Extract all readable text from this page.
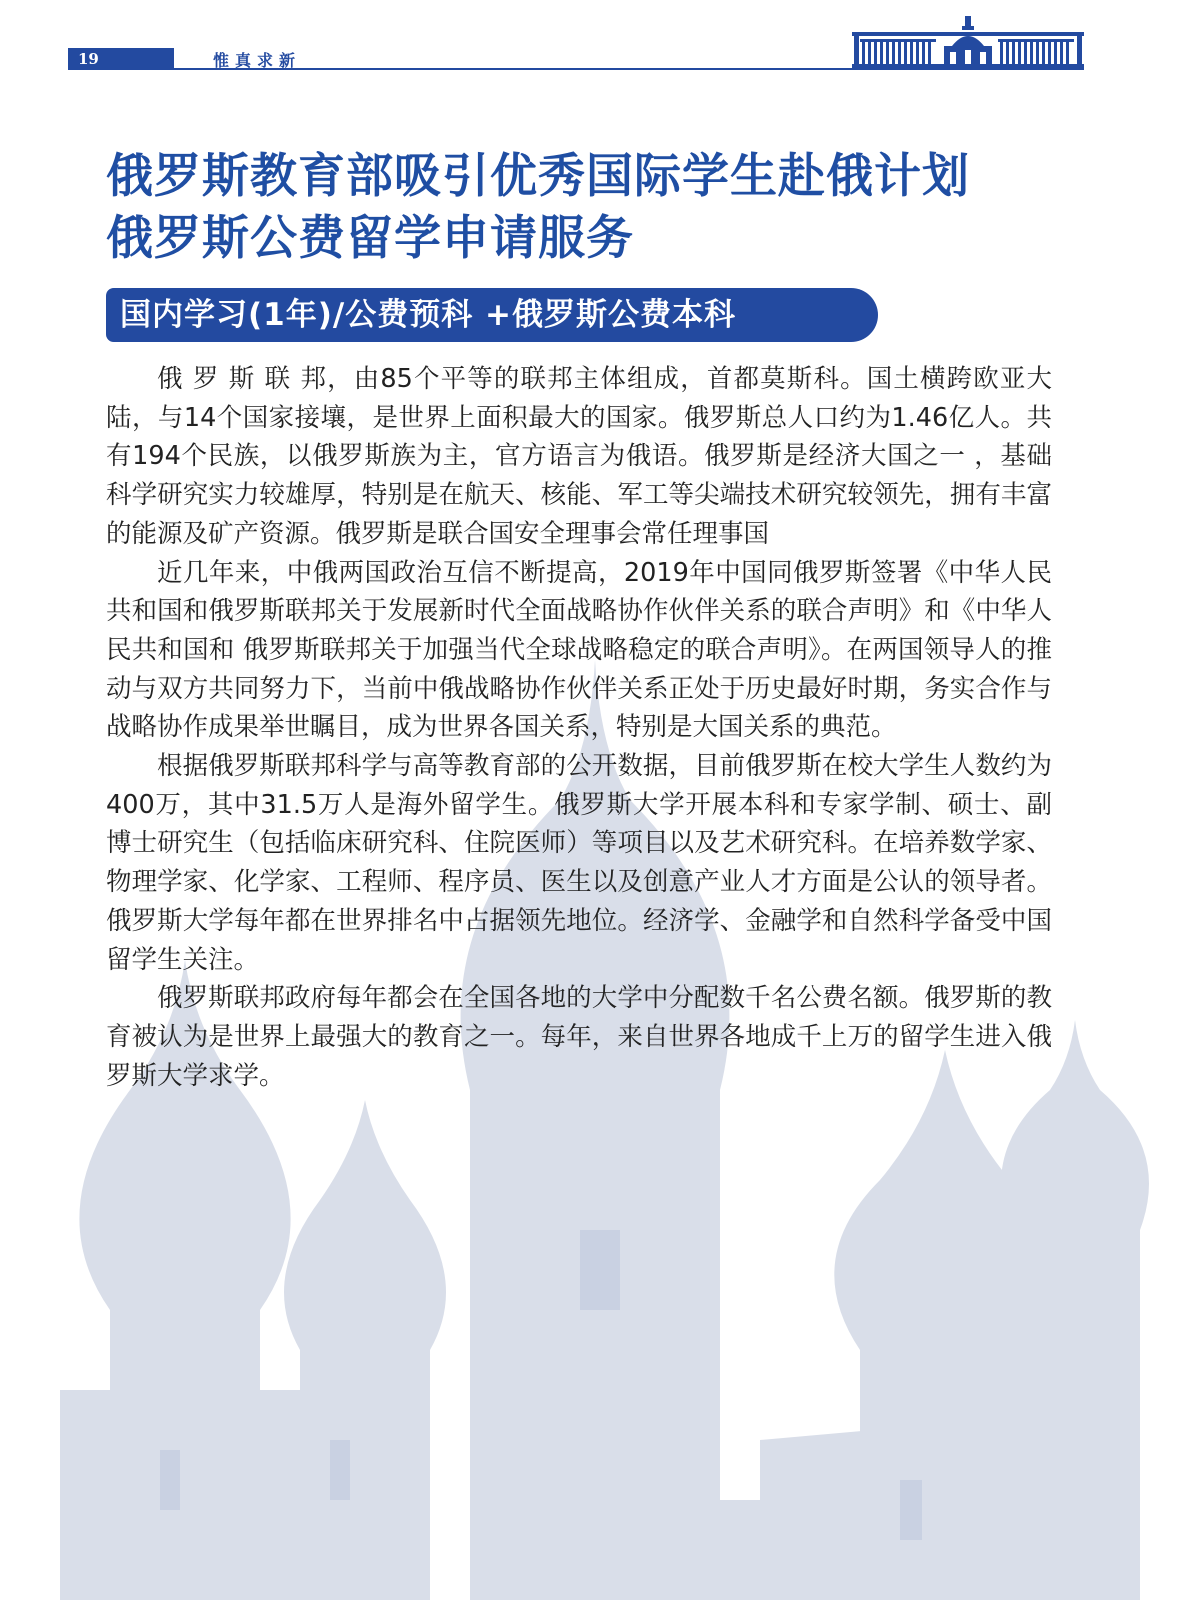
19	惟真求新
俄罗斯教育部吸引优秀国际学生赴俄计划
俄罗斯公费留学申请服务
国内学习(1年)/公费预科 +俄罗斯公费本科

俄 罗 斯 联 邦，由85个平等的联邦主体组成，首都莫斯科。国土横跨欧亚大陆，与14个国家接壤，是世界上面积最大的国家。俄罗斯总人口约为1.46亿人。共有194个民族，以俄罗斯族为主，官方语言为俄语。俄罗斯是经济大国之一 ，基础科学研究实力较雄厚，特别是在航天、核能、军工等尖端技术研究较领先，拥有丰富的能源及矿产资源。俄罗斯是联合国安全理事会常任理事国

近几年来，中俄两国政治互信不断提高，2019年中国同俄罗斯签署《中华人民共和国和俄罗斯联邦关于发展新时代全面战略协作伙伴关系的联合声明》和《中华人民共和国和 俄罗斯联邦关于加强当代全球战略稳定的联合声明》。在两国领导人的推动与双方共同努力下，当前中俄战略协作伙伴关系正处于历史最好时期，务实合作与战略协作成果举世瞩目，成为世界各国关系，特别是大国关系的典范。

根据俄罗斯联邦科学与高等教育部的公开数据，目前俄罗斯在校大学生人数约为400万，其中31.5万人是海外留学生。俄罗斯大学开展本科和专家学制、硕士、副博士研究生（包括临床研究科、住院医师）等项目以及艺术研究科。在培养数学家、物理学家、化学家、工程师、程序员、医生以及创意产业人才方面是公认的领导者。俄罗斯大学每年都在世界排名中占据领先地位。经济学、金融学和自然科学备受中国留学生关注。

俄罗斯联邦政府每年都会在全国各地的大学中分配数千名公费名额。俄罗斯的教育被认为是世界上最强大的教育之一。每年，来自世界各地成千上万的留学生进入俄罗斯大学求学。
